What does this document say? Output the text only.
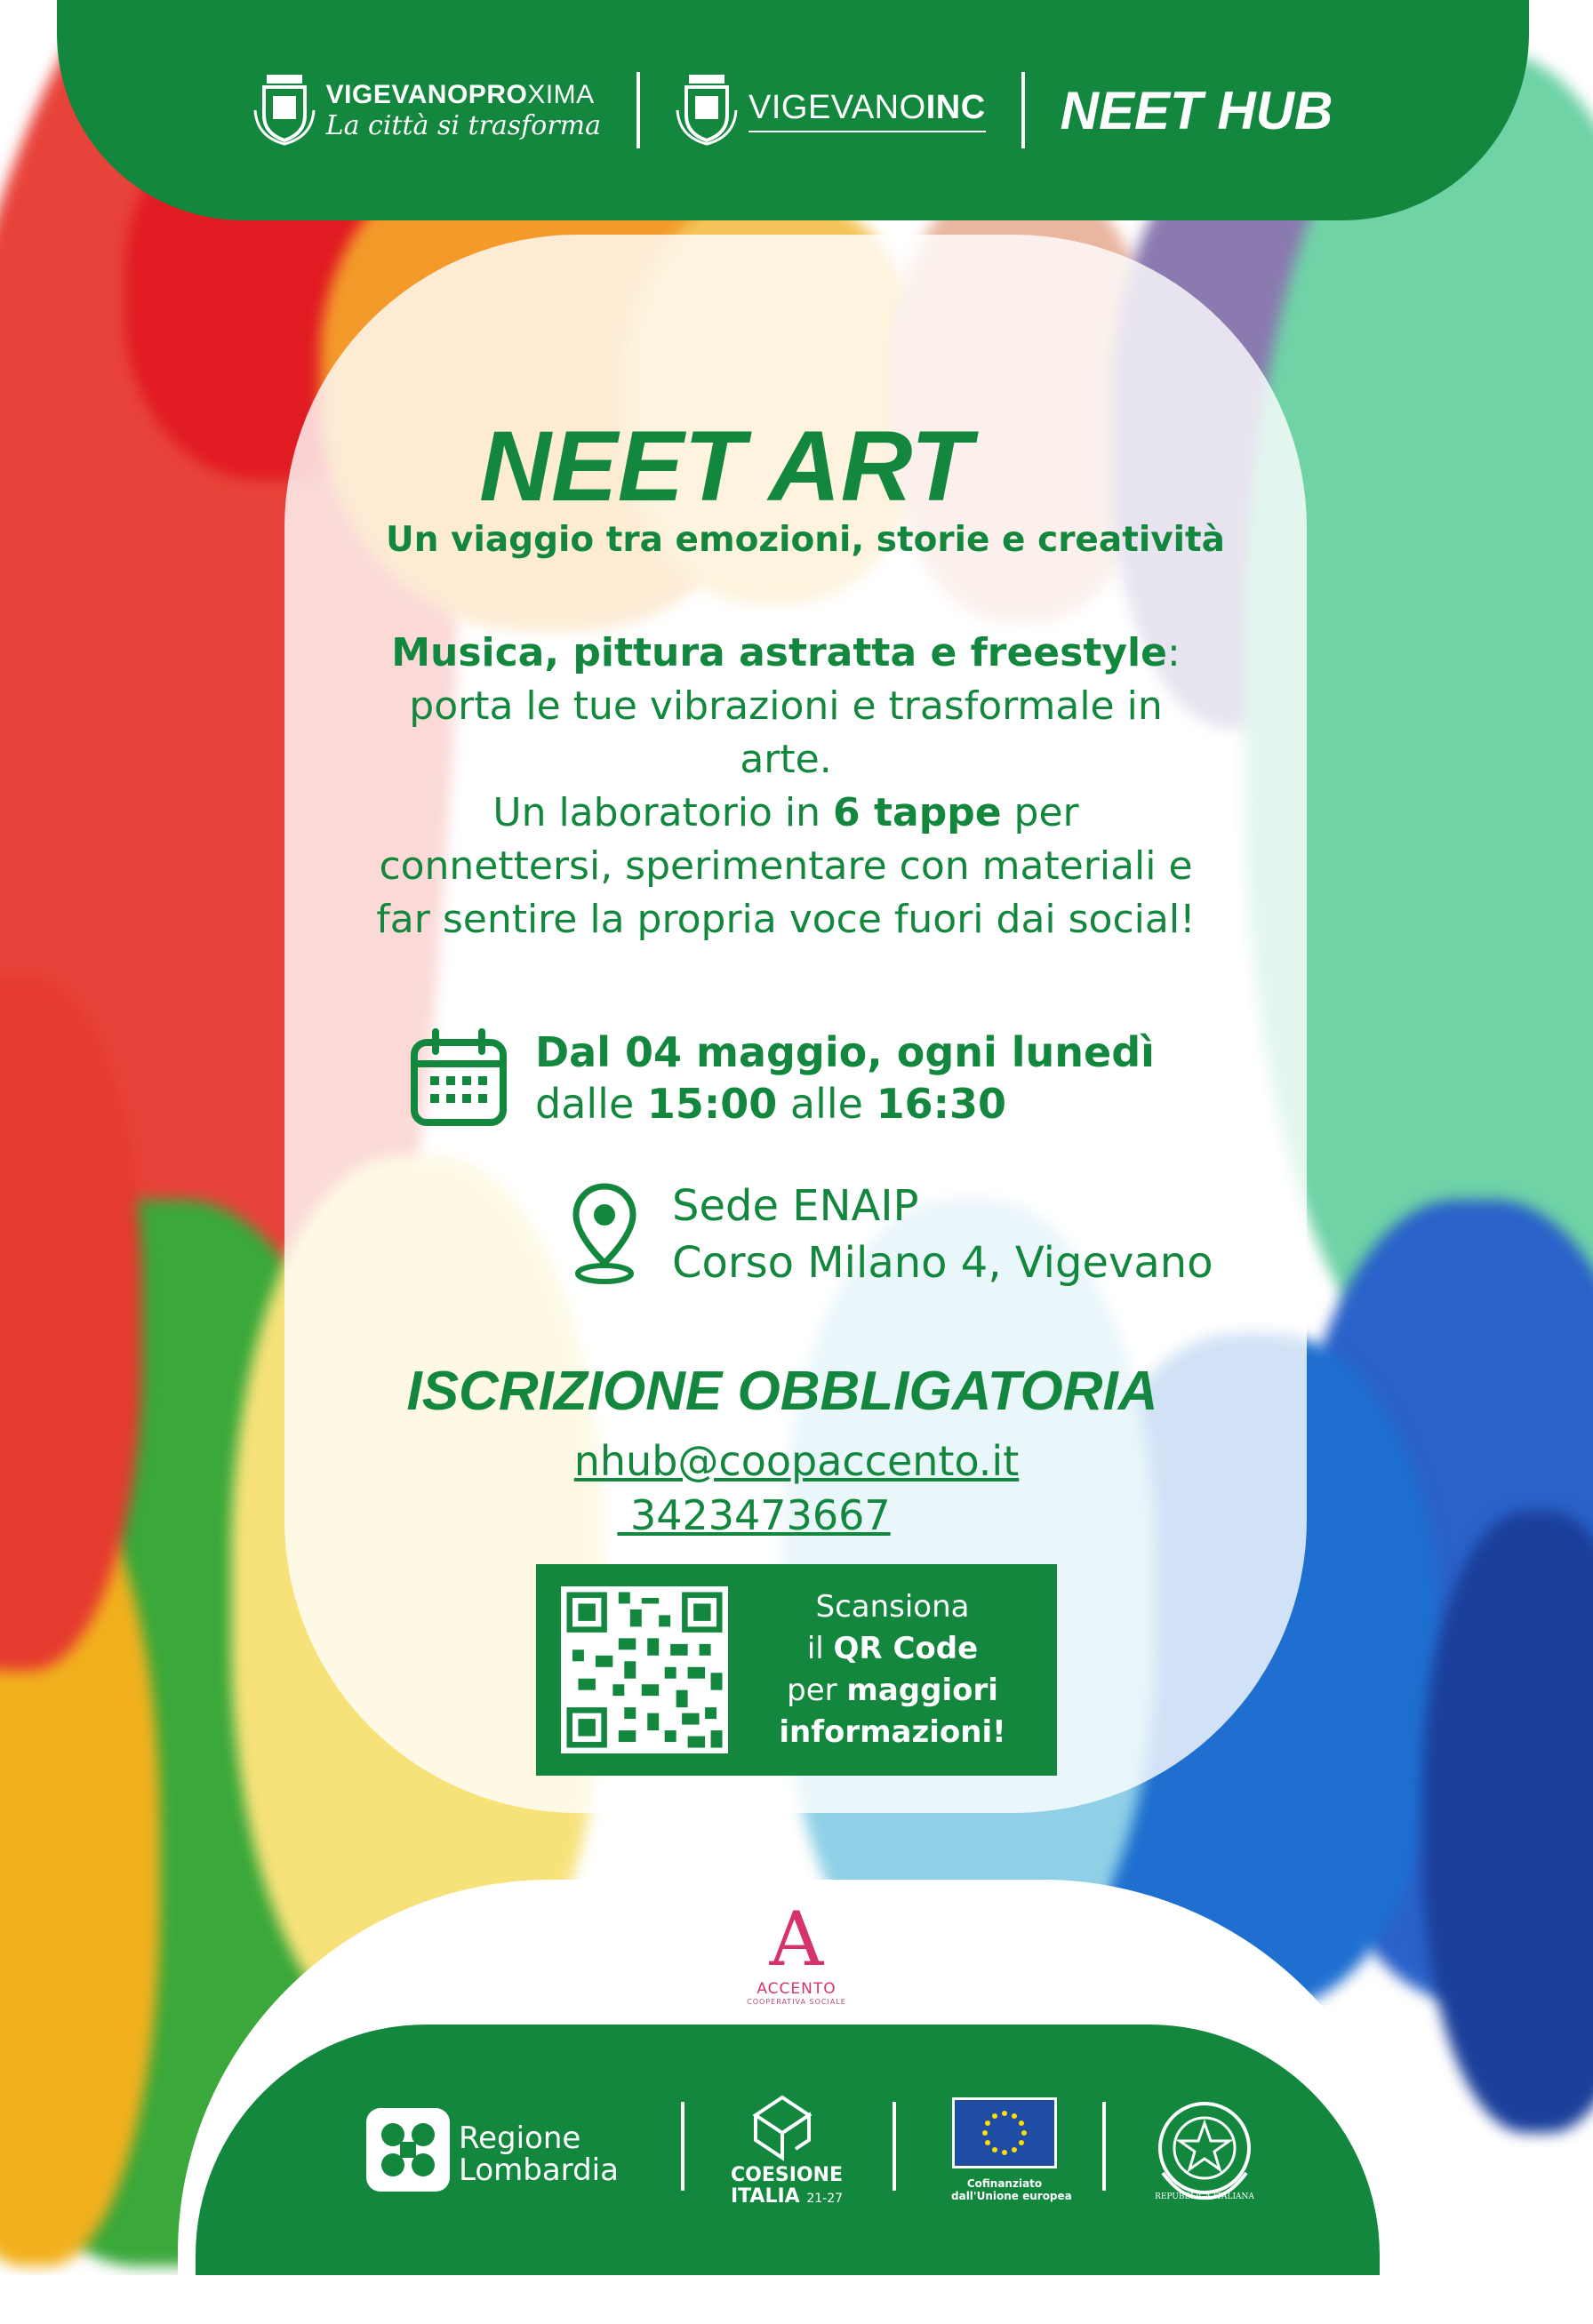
VIGEVANOPROXIMA
La città si trasforma	VIGEVANOINC NEET HUB
NEET ART
Un viaggio tra emozioni, storie e creatività
Musica, pittura astratta e freestyle:
porta le tue vibrazioni e trasformale in
arte.
Un laboratorio in 6 tappe per
connettersi, sperimentare con materiali e
far sentire la propria voce fuori dai social!
Dal 04 maggio, ogni lunedì
dalle 15:00 alle 16:30
Sede ENAIP
Corso Milano 4, Vigevano
ISCRIZIONE OBBLIGATORIA
nhub@coopaccento.it
3423473667
Scansiona
il QR Code
per maggiori
informazioni!
A
ACCENTO
COOPERATIVA SOCIALE
Regione
Lombardia	COESIONE
ITALIA 21-27
Cofinanziato
dall'Unione europea	REPUBBLICA ITALIANA
